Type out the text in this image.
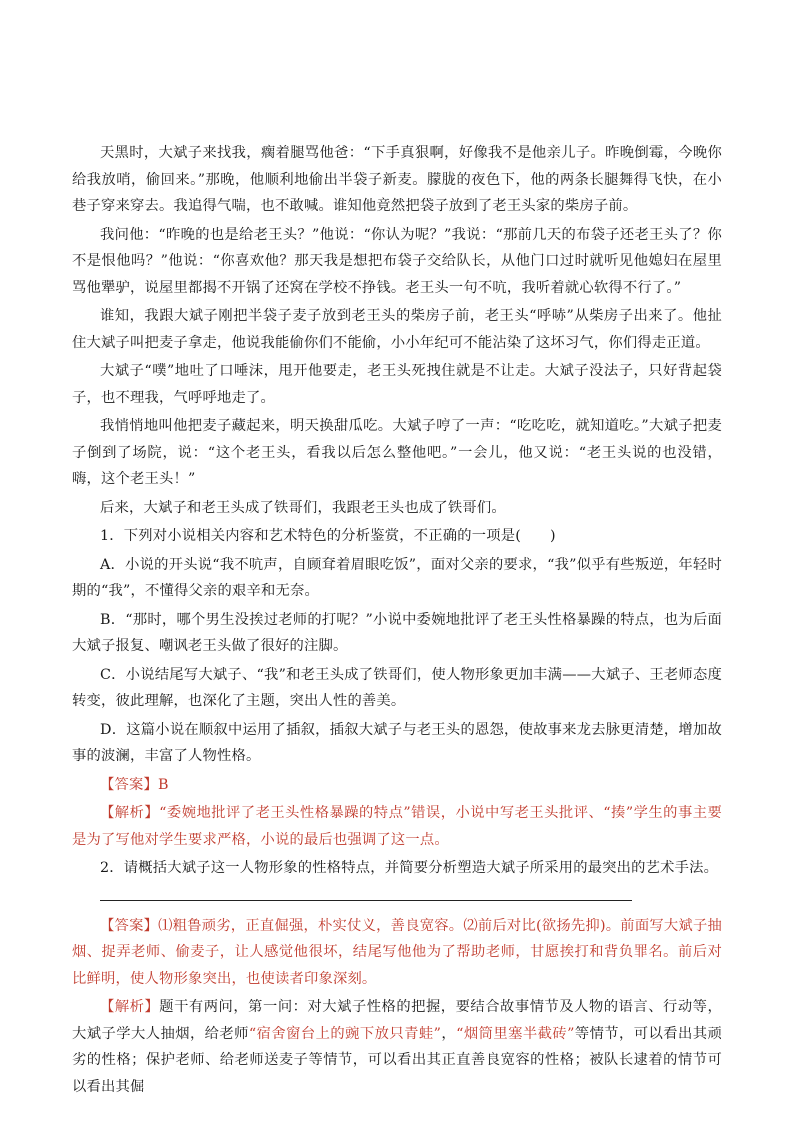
天黑时，大斌子来找我，瘸着腿骂他爸：“下手真狠啊，好像我不是他亲儿子。昨晚倒霉，今晚你给我放哨，偷回来。”那晚，他顺利地偷出半袋子新麦。朦胧的夜色下，他的两条长腿舞得飞快，在小巷子穿来穿去。我追得气喘，也不敢喊。谁知他竟然把袋子放到了老王头家的柴房子前。

我问他：“昨晚的也是给老王头？”他说：“你认为呢？”我说：“那前几天的布袋子还老王头了？你不是恨他吗？”他说：“你喜欢他？那天我是想把布袋子交给队长，从他门口过时就听见他媳妇在屋里骂他犟驴，说屋里都揭不开锅了还窝在学校不挣钱。老王头一句不吭，我听着就心软得不行了。”

谁知，我跟大斌子刚把半袋子麦子放到老王头的柴房子前，老王头“呼哧”从柴房子出来了。他扯住大斌子叫把麦子拿走，他说我能偷你们不能偷，小小年纪可不能沾染了这坏习气，你们得走正道。

大斌子“噗”地吐了口唾沫，甩开他要走，老王头死拽住就是不让走。大斌子没法子，只好背起袋子，也不理我，气呼呼地走了。

我悄悄地叫他把麦子藏起来，明天换甜瓜吃。大斌子哼了一声：“吃吃吃，就知道吃。”大斌子把麦子倒到了场院，说：“这个老王头，看我以后怎么整他吧。”一会儿，他又说：“老王头说的也没错，嗨，这个老王头！”

后来，大斌子和老王头成了铁哥们，我跟老王头也成了铁哥们。

1．下列对小说相关内容和艺术特色的分析鉴赏，不正确的一项是(　　)

A．小说的开头说“我不吭声，自顾耷着眉眼吃饭”，面对父亲的要求，“我”似乎有些叛逆，年轻时期的“我”，不懂得父亲的艰辛和无奈。

B．“那时，哪个男生没挨过老师的打呢？”小说中委婉地批评了老王头性格暴躁的特点，也为后面大斌子报复、嘲讽老王头做了很好的注脚。

C．小说结尾写大斌子、“我”和老王头成了铁哥们，使人物形象更加丰满——大斌子、王老师态度转变，彼此理解，也深化了主题，突出人性的善美。

D．这篇小说在顺叙中运用了插叙，插叙大斌子与老王头的恩怨，使故事来龙去脉更清楚，增加故事的波澜，丰富了人物性格。

【答案】B

【解析】“委婉地批评了老王头性格暴躁的特点”错误，小说中写老王头批评、“揍”学生的事主要是为了写他对学生要求严格，小说的最后也强调了这一点。

2．请概括大斌子这一人物形象的性格特点，并简要分析塑造大斌子所采用的最突出的艺术手法。

【答案】⑴粗鲁顽劣，正直倔强，朴实仗义，善良宽容。⑵前后对比(欲扬先抑)。前面写大斌子抽烟、捉弄老师、偷麦子，让人感觉他很坏，结尾写他他为了帮助老师，甘愿挨打和背负罪名。前后对比鲜明，使人物形象突出，也使读者印象深刻。

【解析】题干有两问，第一问：对大斌子性格的把握，要结合故事情节及人物的语言、行动等，大斌子学大人抽烟，给老师“宿舍窗台上的豌下放只青蛙”，“烟筒里塞半截砖”等情节，可以看出其顽劣的性格；保护老师、给老师送麦子等情节，可以看出其正直善良宽容的性格；被队长逮着的情节可以看出其倔
